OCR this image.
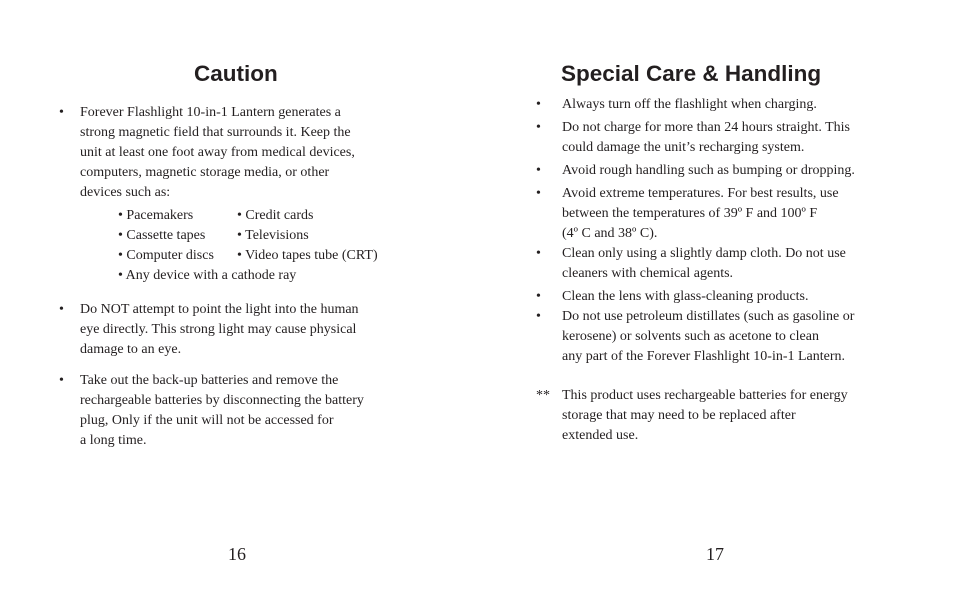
Caution
• Forever Flashlight 10-in-1 Lantern generates a
strong magnetic field that surrounds it. Keep the
unit at least one foot away from medical devices,
computers, magnetic storage media, or other
devices such as:
• Pacemakers
• Cassette tapes
• Computer discs
• Any device with a cathode ray
• Credit cards
• Televisions
• Video tapes tube (CRT)
• Do NOT attempt to point the light into the human
eye directly. This strong light may cause physical
damage to an eye.
• Take out the back-up batteries and remove the
rechargeable batteries by disconnecting the battery
plug, Only if the unit will not be accessed for
a long time.
16
Special Care & Handling
• Always turn off the flashlight when charging.
• Do not charge for more than 24 hours straight. This
could damage the unit’s recharging system.
• Avoid rough handling such as bumping or dropping.
• Avoid extreme temperatures. For best results, use
between the temperatures of 39º F and 100º F
(4º C and 38º C).
• Clean only using a slightly damp cloth. Do not use
cleaners with chemical agents.
• Clean the lens with glass-cleaning products.
• Do not use petroleum distillates (such as gasoline or
kerosene) or solvents such as acetone to clean
any part of the Forever Flashlight 10-in-1 Lantern.
** This product uses rechargeable batteries for energy
storage that may need to be replaced after
extended use.
17
